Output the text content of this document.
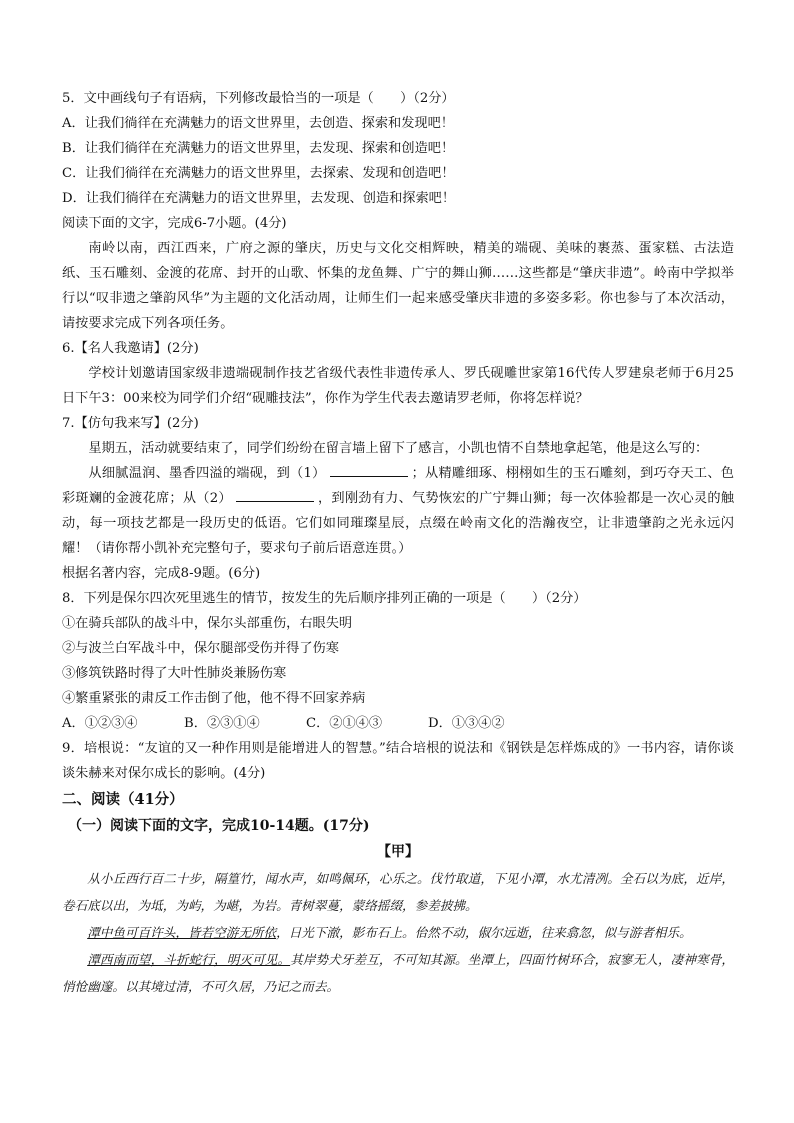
5．文中画线句子有语病，下列修改最恰当的一项是（　　）（2分）
A．让我们徜徉在充满魅力的语文世界里，去创造、探索和发现吧！
B．让我们徜徉在充满魅力的语文世界里，去发现、探索和创造吧！
C．让我们徜徉在充满魅力的语文世界里，去探索、发现和创造吧！
D．让我们徜徉在充满魅力的语文世界里，去发现、创造和探索吧！
阅读下面的文字，完成6-7小题。(4分)
南岭以南，西江西来，广府之源的肇庆，历史与文化交相辉映，精美的端砚、美味的裹蒸、蛋家糕、古法造纸、玉石雕刻、金渡的花席、封开的山歌、怀集的龙鱼舞、广宁的舞山狮……这些都是“肇庆非遗”。岭南中学拟举行以“叹非遗之肇韵风华”为主题的文化活动周，让师生们一起来感受肇庆非遗的多姿多彩。你也参与了本次活动，请按要求完成下列各项任务。
6.【名人我邀请】(2分)
学校计划邀请国家级非遗端砚制作技艺省级代表性非遗传承人、罗氏砚雕世家第16代传人罗建泉老师于6月25日下午3：00来校为同学们介绍“砚雕技法”，你作为学生代表去邀请罗老师，你将怎样说？
7.【仿句我来写】(2分)
星期五，活动就要结束了，同学们纷纷在留言墙上留下了感言，小凯也情不自禁地拿起笔，他是这么写的：
从细腻温润、墨香四溢的端砚，到（1）	；从精雕细琢、栩栩如生的玉石雕刻，到巧夺天工、色彩斑斓的金渡花席；从（2）	，到刚劲有力、气势恢宏的广宁舞山狮；每一次体验都是一次心灵的触动，每一项技艺都是一段历史的低语。它们如同璀璨星辰，点缀在岭南文化的浩瀚夜空，让非遗肇韵之光永远闪耀！（请你帮小凯补充完整句子，要求句子前后语意连贯。）
根据名著内容，完成8-9题。(6分)
8．下列是保尔四次死里逃生的情节，按发生的先后顺序排列正确的一项是（　　）（2分）
①在骑兵部队的战斗中，保尔头部重伤，右眼失明
②与波兰白军战斗中，保尔腿部受伤并得了伤寒
③修筑铁路时得了大叶性肺炎兼肠伤寒
④繁重紧张的肃反工作击倒了他，他不得不回家养病
A．①②③④	B．②③①④	C．②①④③	D．①③④②
9．培根说：“友谊的又一种作用则是能增进人的智慧。”结合培根的说法和《钢铁是怎样炼成的》一书内容，请你谈谈朱赫来对保尔成长的影响。(4分)
二、阅读（41分）
（一）阅读下面的文字，完成10-14题。(17分)
【甲】
从小丘西行百二十步，隔篁竹，闻水声，如鸣佩环，心乐之。伐竹取道，下见小潭，水尤清冽。全石以为底，近岸，卷石底以出，为坻，为屿，为嵁，为岩。青树翠蔓，蒙络摇缀，参差披拂。
潭中鱼可百许头，皆若空游无所依，日光下澈，影布石上。佁然不动，俶尔远逝，往来翕忽，似与游者相乐。
潭西南而望，斗折蛇行，明灭可见。其岸势犬牙差互，不可知其源。坐潭上，四面竹树环合，寂寥无人，凄神寒骨，悄怆幽邃。以其境过清，不可久居，乃记之而去。
